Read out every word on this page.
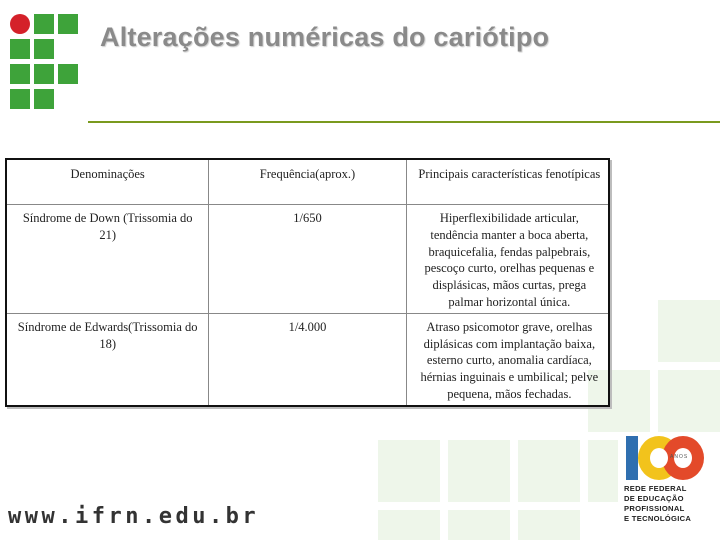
Alterações numéricas do cariótipo
Denominações	Frequência(aprox.)	Principais características fenotípicas
Síndrome de Down (Trissomia do 21)	1/650	Hiperflexibilidade articular, tendência manter a boca aberta, braquicefalia, fendas palpebrais, pescoço curto, orelhas pequenas e displásicas, mãos curtas, prega palmar horizontal única.
Síndrome de Edwards(Trissomia do 18)	1/4.000	Atraso psicomotor grave, orelhas diplásicas com implantação baixa, esterno curto, anomalia cardíaca, hérnias inguinais e umbilical; pelve pequena, mãos fechadas.
www.ifrn.edu.br
ANOS
REDE FEDERAL
DE EDUCAÇÃO
PROFISSIONAL
E TECNOLÓGICA
